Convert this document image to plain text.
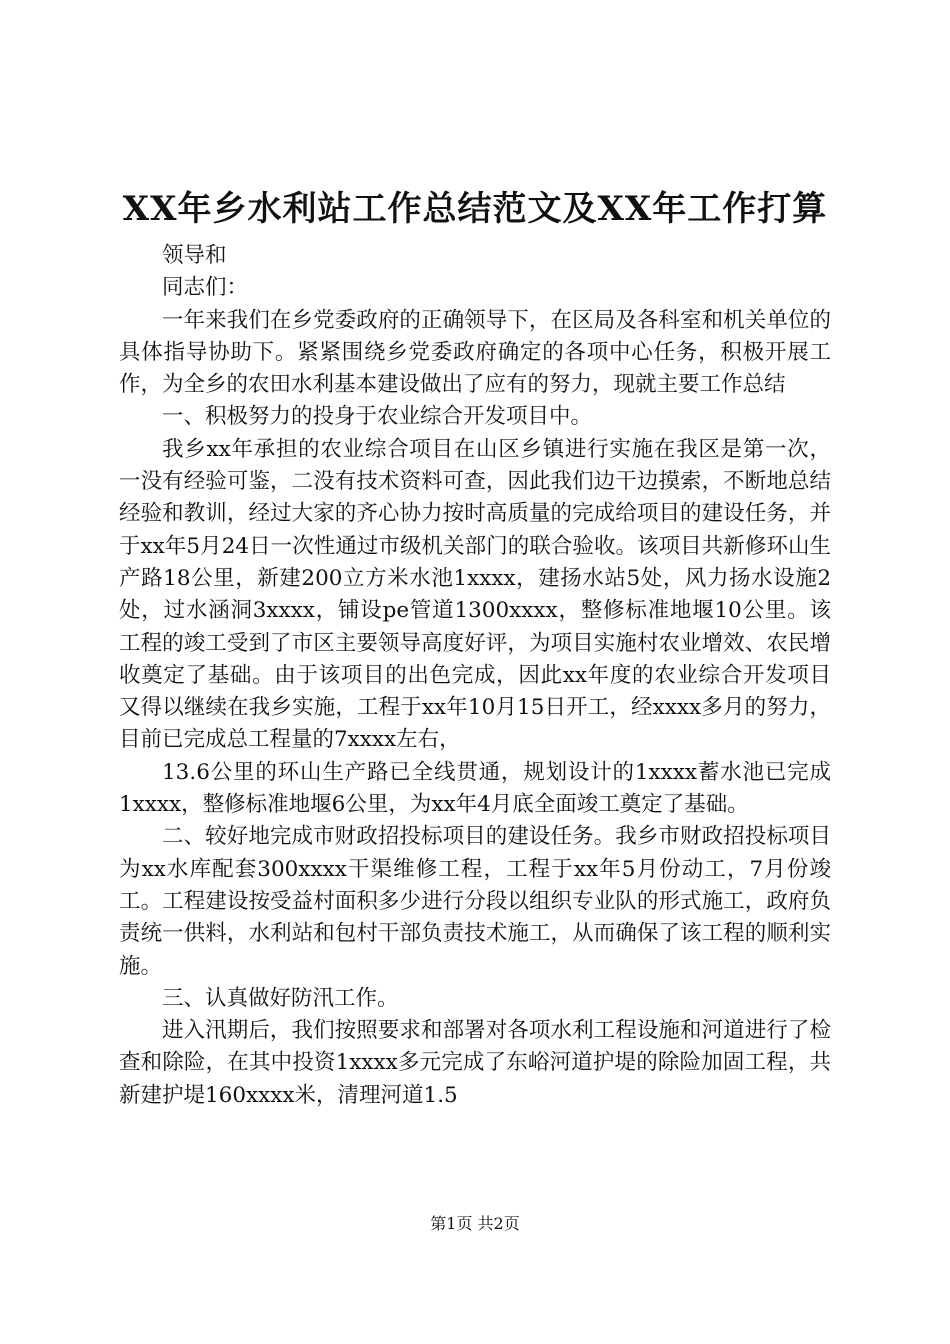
XX年乡水利站工作总结范文及XX年工作打算

领导和

同志们：

一年来我们在乡党委政府的正确领导下，在区局及各科室和机关单位的具体指导协助下。紧紧围绕乡党委政府确定的各项中心任务，积极开展工作，为全乡的农田水利基本建设做出了应有的努力，现就主要工作总结

一、积极努力的投身于农业综合开发项目中。

我乡xx年承担的农业综合项目在山区乡镇进行实施在我区是第一次，一没有经验可鉴，二没有技术资料可查，因此我们边干边摸索，不断地总结经验和教训，经过大家的齐心协力按时高质量的完成给项目的建设任务，并于xx年5月24日一次性通过市级机关部门的联合验收。该项目共新修环山生产路18公里，新建200立方米水池1xxxx，建扬水站5处，风力扬水设施2处，过水涵洞3xxxx，铺设pe管道1300xxxx，整修标准地堰10公里。该工程的竣工受到了市区主要领导高度好评，为项目实施村农业增效、农民增收奠定了基础。由于该项目的出色完成，因此xx年度的农业综合开发项目又得以继续在我乡实施，工程于xx年10月15日开工，经xxxx多月的努力，目前已完成总工程量的7xxxx左右，

13.6公里的环山生产路已全线贯通，规划设计的1xxxx蓄水池已完成1xxxx，整修标准地堰6公里，为xx年4月底全面竣工奠定了基础。

二、较好地完成市财政招投标项目的建设任务。我乡市财政招投标项目为xx水库配套300xxxx干渠维修工程，工程于xx年5月份动工，7月份竣工。工程建设按受益村面积多少进行分段以组织专业队的形式施工，政府负责统一供料，水利站和包村干部负责技术施工，从而确保了该工程的顺利实施。

三、认真做好防汛工作。

进入汛期后，我们按照要求和部署对各项水利工程设施和河道进行了检查和除险，在其中投资1xxxx多元完成了东峪河道护堤的除险加固工程，共新建护堤160xxxx米，清理河道1.5

第1页 共2页
